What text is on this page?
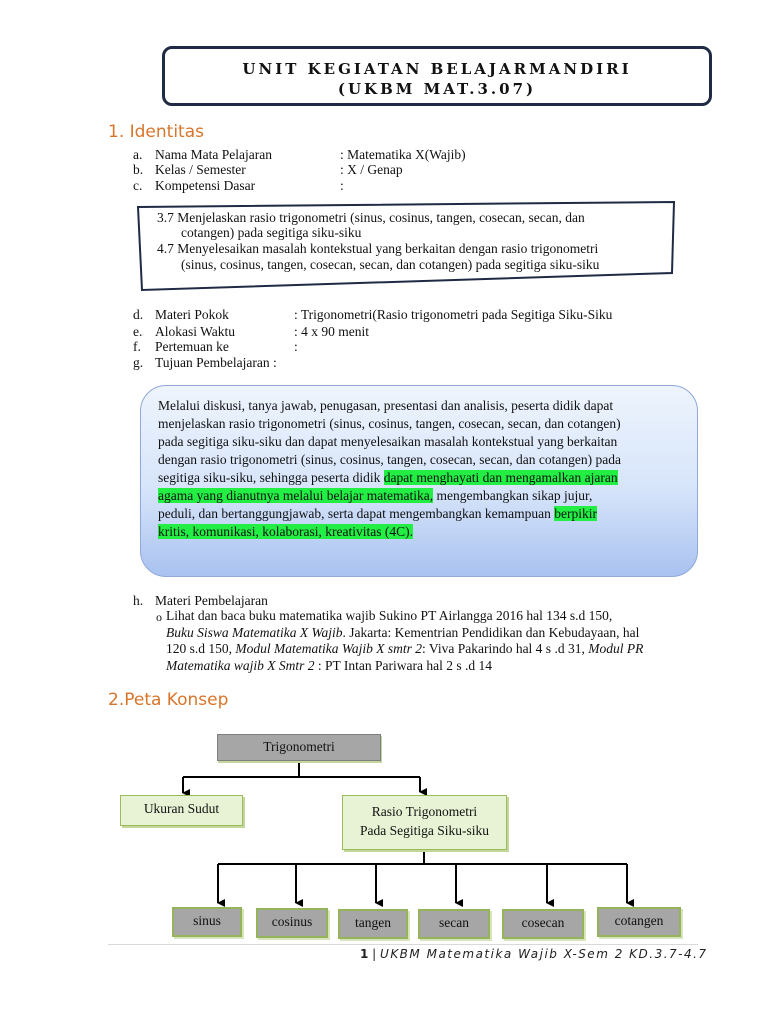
UNIT KEGIATAN BELAJARMANDIRI
(UKBM MAT.3.07)
1. Identitas
a. Nama Mata Pelajaran	: Matematika X(Wajib)
b. Kelas / Semester	: X / Genap
c. Kompetensi Dasar	:
3.7 Menjelaskan rasio trigonometri (sinus, cosinus, tangen, cosecan, secan, dan
cotangen) pada segitiga siku-siku
4.7 Menyelesaikan masalah kontekstual yang berkaitan dengan rasio trigonometri
(sinus, cosinus, tangen, cosecan, secan, dan cotangen) pada segitiga siku-siku
d. Materi Pokok	: Trigonometri(Rasio trigonometri pada Segitiga Siku-Siku
e. Alokasi Waktu	: 4 x 90 menit
f. Pertemuan ke	:
g. Tujuan Pembelajaran :
Melalui diskusi, tanya jawab, penugasan, presentasi dan analisis, peserta didik dapat
menjelaskan rasio trigonometri (sinus, cosinus, tangen, cosecan, secan, dan cotangen)
pada segitiga siku-siku dan dapat menyelesaikan masalah kontekstual yang berkaitan
dengan rasio trigonometri (sinus, cosinus, tangen, cosecan, secan, dan cotangen) pada
segitiga siku-siku, sehingga peserta didik dapat menghayati dan mengamalkan ajaran
agama yang dianutnya melalui belajar matematika, mengembangkan sikap jujur,
peduli, dan bertanggungjawab, serta dapat mengembangkan kemampuan berpikir
kritis, komunikasi, kolaborasi, kreativitas (4C).
h. Materi Pembelajaran
o Lihat dan baca buku matematika wajib Sukino PT Airlangga 2016 hal 134 s.d 150,
Buku Siswa Matematika X Wajib. Jakarta: Kementrian Pendidikan dan Kebudayaan, hal
120 s.d 150, Modul Matematika Wajib X smtr 2: Viva Pakarindo hal 4 s .d 31, Modul PR
Matematika wajib X Smtr 2 : PT Intan Pariwara hal 2 s .d 14
2.Peta Konsep
Trigonometri
Ukuran Sudut	Rasio Trigonometri
Pada Segitiga Siku-siku
sinus	cosinus	tangen	secan	cosecan	cotangen
1 | UKBM Matematika Wajib X-Sem 2 KD.3.7-4.7
